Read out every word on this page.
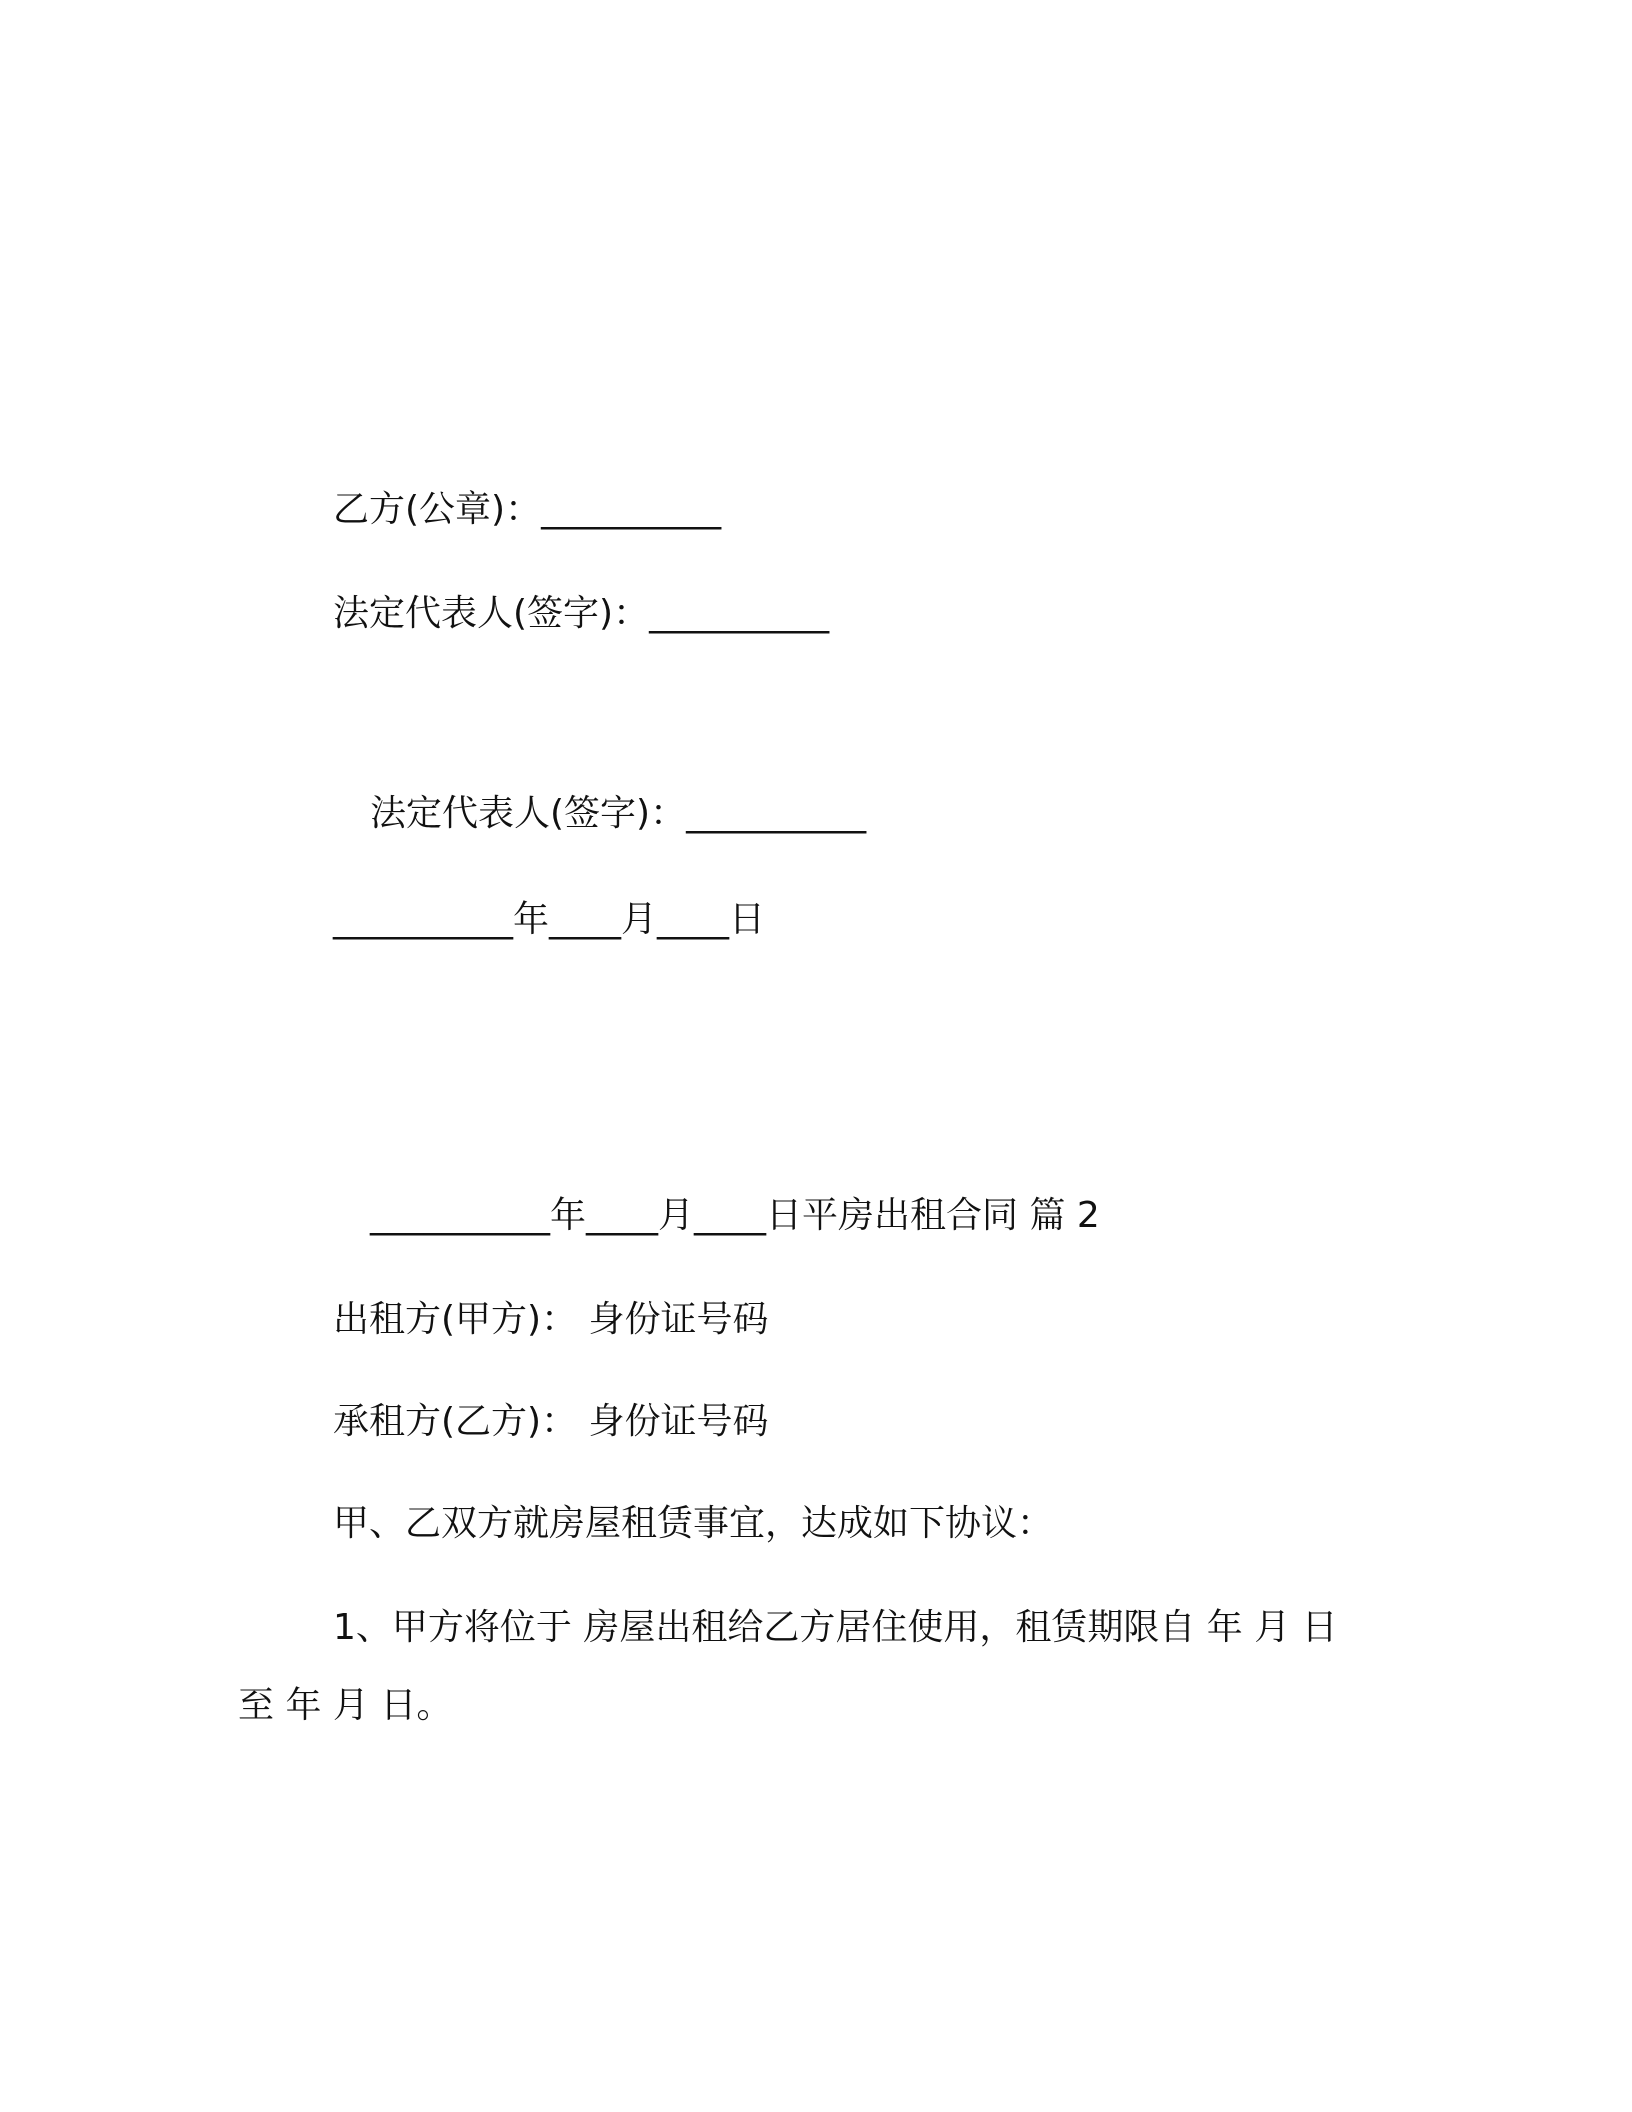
乙方(公章)：__________
法定代表人(签字)：__________
法定代表人(签字)：__________
__________年____月____日
__________年____月____日平房出租合同 篇 2
出租方(甲方)： 身份证号码
承租方(乙方)： 身份证号码
甲、乙双方就房屋租赁事宜，达成如下协议：
1、甲方将位于 房屋出租给乙方居住使用，租赁期限自 年 月 日
至 年 月 日。
